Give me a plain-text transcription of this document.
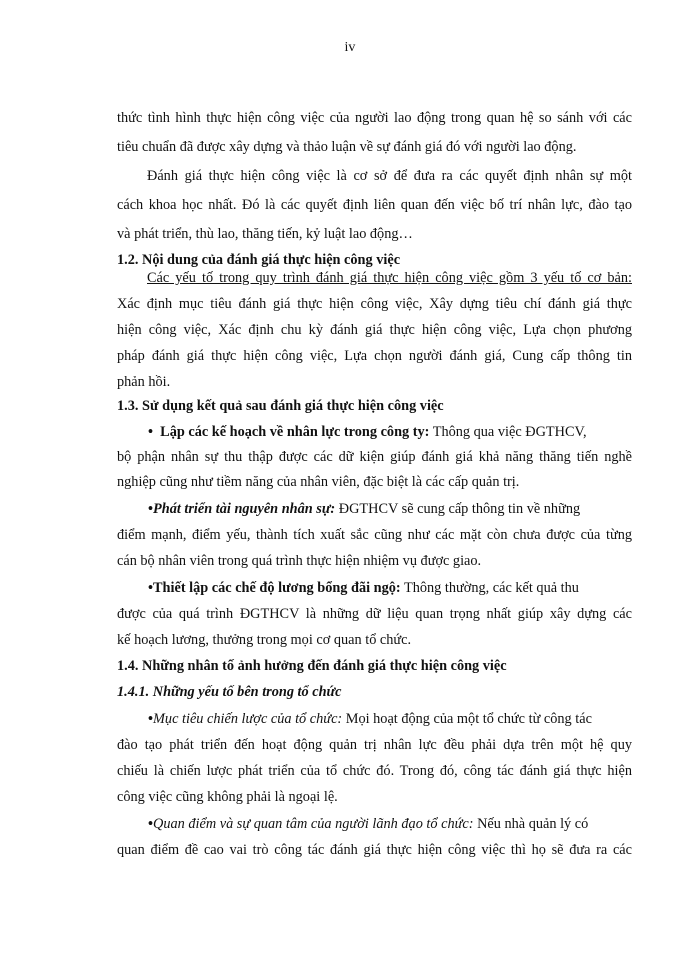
iv
thức tình hình thực hiện công việc của người lao động trong quan hệ so sánh với các
tiêu chuẩn đã được xây dựng và thảo luận về sự đánh giá đó với người lao động.
Đánh giá thực hiện công việc là cơ sở để đưa ra các quyết định nhân sự một
cách khoa học nhất. Đó là các quyết định liên quan đến việc bố trí nhân lực, đào tạo
và phát triển, thù lao, thăng tiến, kỷ luật lao động…
1.2. Nội dung của đánh giá thực hiện công việc
Các yếu tố trong quy trình đánh giá thực hiện công việc gồm 3 yếu tố cơ bản:
Xác định mục tiêu đánh giá thực hiện công việc, Xây dựng tiêu chí đánh giá thực
hiện công việc, Xác định chu kỳ đánh giá thực hiện công việc, Lựa chọn phương
pháp đánh giá thực hiện công việc, Lựa chọn người đánh giá, Cung cấp thông tin
phản hồi.
1.3. Sử dụng kết quả sau đánh giá thực hiện công việc
• Lập các kế hoạch về nhân lực trong công ty: Thông qua việc ĐGTHCV,
bộ phận nhân sự thu thập được các dữ kiện giúp đánh giá khả năng thăng tiến nghề
nghiệp cũng như tiềm năng của nhân viên, đặc biệt là các cấp quản trị.
•Phát triển tài nguyên nhân sự: ĐGTHCV sẽ cung cấp thông tin về những
điểm mạnh, điểm yếu, thành tích xuất sắc cũng như các mặt còn chưa được của từng
cán bộ nhân viên trong quá trình thực hiện nhiệm vụ được giao.
•Thiết lập các chế độ lương bổng đãi ngộ: Thông thường, các kết quả thu
được của quá trình ĐGTHCV là những dữ liệu quan trọng nhất giúp xây dựng các
kế hoạch lương, thưởng trong mọi cơ quan tổ chức.
1.4. Những nhân tố ảnh hưởng đến đánh giá thực hiện công việc
1.4.1. Những yếu tố bên trong tổ chức
•Mục tiêu chiến lược của tổ chức: Mọi hoạt động của một tổ chức từ công tác
đào tạo phát triển đến hoạt động quản trị nhân lực đều phải dựa trên một hệ quy
chiếu là chiến lược phát triển của tổ chức đó. Trong đó, công tác đánh giá thực hiện
công việc cũng không phải là ngoại lệ.
•Quan điểm và sự quan tâm của người lãnh đạo tổ chức: Nếu nhà quản lý có
quan điểm đề cao vai trò công tác đánh giá thực hiện công việc thì họ sẽ đưa ra các
